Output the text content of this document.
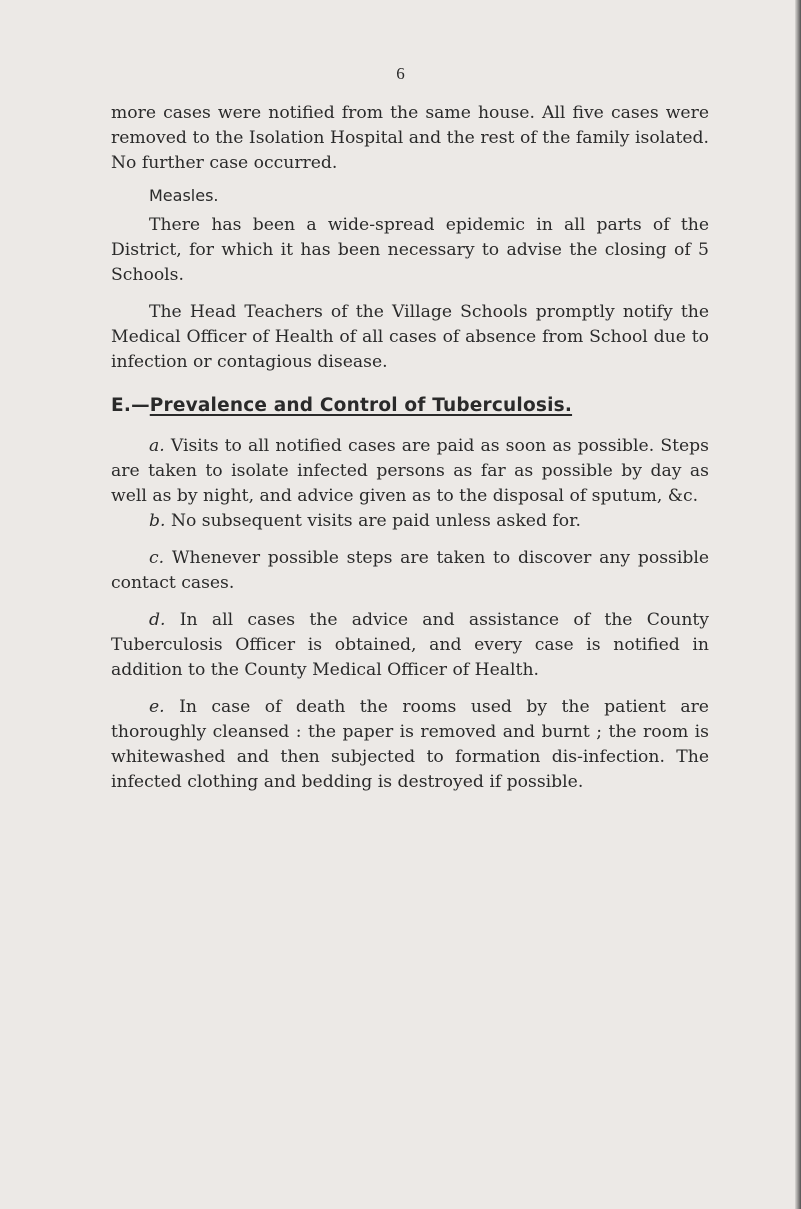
6

more cases were notified from the same house. All five cases were removed to the Isolation Hospital and the rest of the family isolated. No further case occurred.

Measles.

There has been a wide-spread epidemic in all parts of the District, for which it has been necessary to advise the closing of 5 Schools.

The Head Teachers of the Village Schools promptly notify the Medical Officer of Health of all cases of absence from School due to infection or contagious disease.

E.—Prevalence and Control of Tuberculosis.

a. Visits to all notified cases are paid as soon as possible. Steps are taken to isolate infected persons as far as possible by day as well as by night, and advice given as to the disposal of sputum, &c.

b. No subsequent visits are paid unless asked for.

c. Whenever possible steps are taken to discover any possible contact cases.

d. In all cases the advice and assistance of the County Tuberculosis Officer is obtained, and every case is notified in addition to the County Medical Officer of Health.

e. In case of death the rooms used by the patient are thoroughly cleansed : the paper is removed and burnt ; the room is whitewashed and then subjected to formation dis-infection. The infected clothing and bedding is destroyed if possible.
